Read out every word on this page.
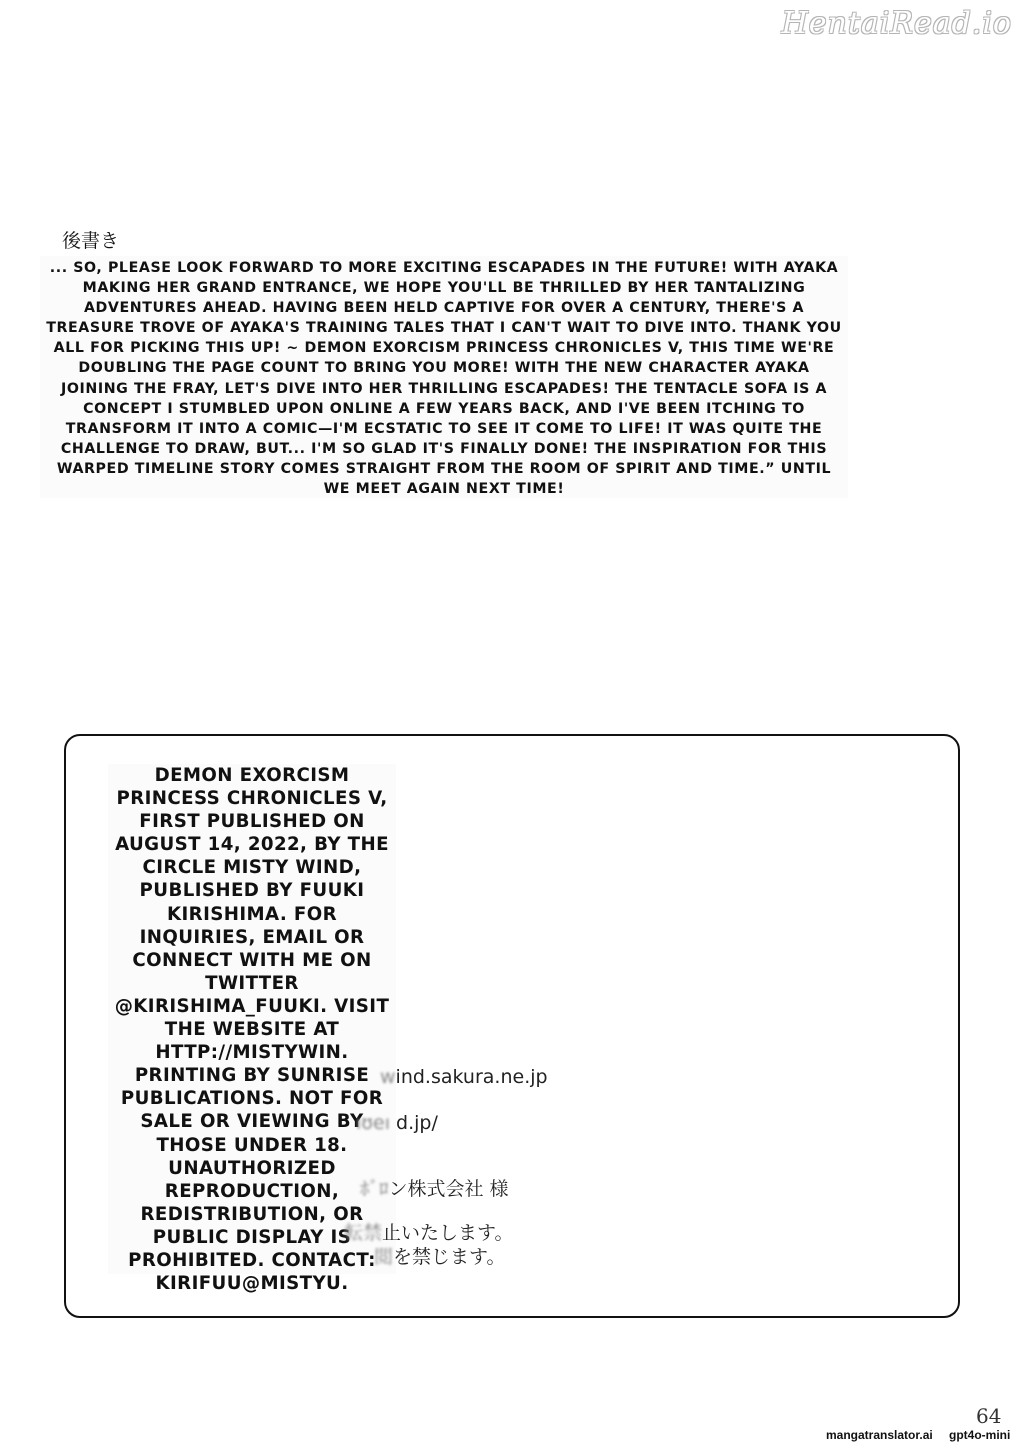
HentaiRead.io
後書き

... SO, PLEASE LOOK FORWARD TO MORE EXCITING ESCAPADES IN THE FUTURE! WITH AYAKA MAKING HER GRAND ENTRANCE, WE HOPE YOU'LL BE THRILLED BY HER TANTALIZING ADVENTURES AHEAD. HAVING BEEN HELD CAPTIVE FOR OVER A CENTURY, THERE'S A TREASURE TROVE OF AYAKA'S TRAINING TALES THAT I CAN'T WAIT TO DIVE INTO. THANK YOU ALL FOR PICKING THIS UP! ~ DEMON EXORCISM PRINCESS CHRONICLES V, THIS TIME WE'RE DOUBLING THE PAGE COUNT TO BRING YOU MORE! WITH THE NEW CHARACTER AYAKA JOINING THE FRAY, LET'S DIVE INTO HER THRILLING ESCAPADES! THE TENTACLE SOFA IS A CONCEPT I STUMBLED UPON ONLINE A FEW YEARS BACK, AND I'VE BEEN ITCHING TO TRANSFORM IT INTO A COMIC—I'M ECSTATIC TO SEE IT COME TO LIFE! IT WAS QUITE THE CHALLENGE TO DRAW, BUT... I'M SO GLAD IT'S FINALLY DONE! THE INSPIRATION FOR THIS WARPED TIMELINE STORY COMES STRAIGHT FROM THE ROOM OF SPIRIT AND TIME.” UNTIL WE MEET AGAIN NEXT TIME!

DEMON EXORCISM PRINCESS CHRONICLES V, FIRST PUBLISHED ON AUGUST 14, 2022, BY THE CIRCLE MISTY WIND, PUBLISHED BY FUUKI KIRISHIMA. FOR INQUIRIES, EMAIL OR CONNECT WITH ME ON TWITTER @KIRISHIMA_FUUKI. VISIT THE WEBSITE AT HTTP://MISTYWIN. PRINTING BY SUNRISE PUBLICATIONS. NOT FOR SALE OR VIEWING BY THOSE UNDER 18. UNAUTHORIZED REPRODUCTION, REDISTRIBUTION, OR PUBLIC DISPLAY IS PROHIBITED. CONTACT: KIRIFUU@MISTYU.

wind.sakura.ne.jp
ıʊeı d.jp/
ﾎﾞﾛン株式会社 様
転禁止いたします。
閲を禁じます。
64
mangatranslator.ai gpt4o-mini
